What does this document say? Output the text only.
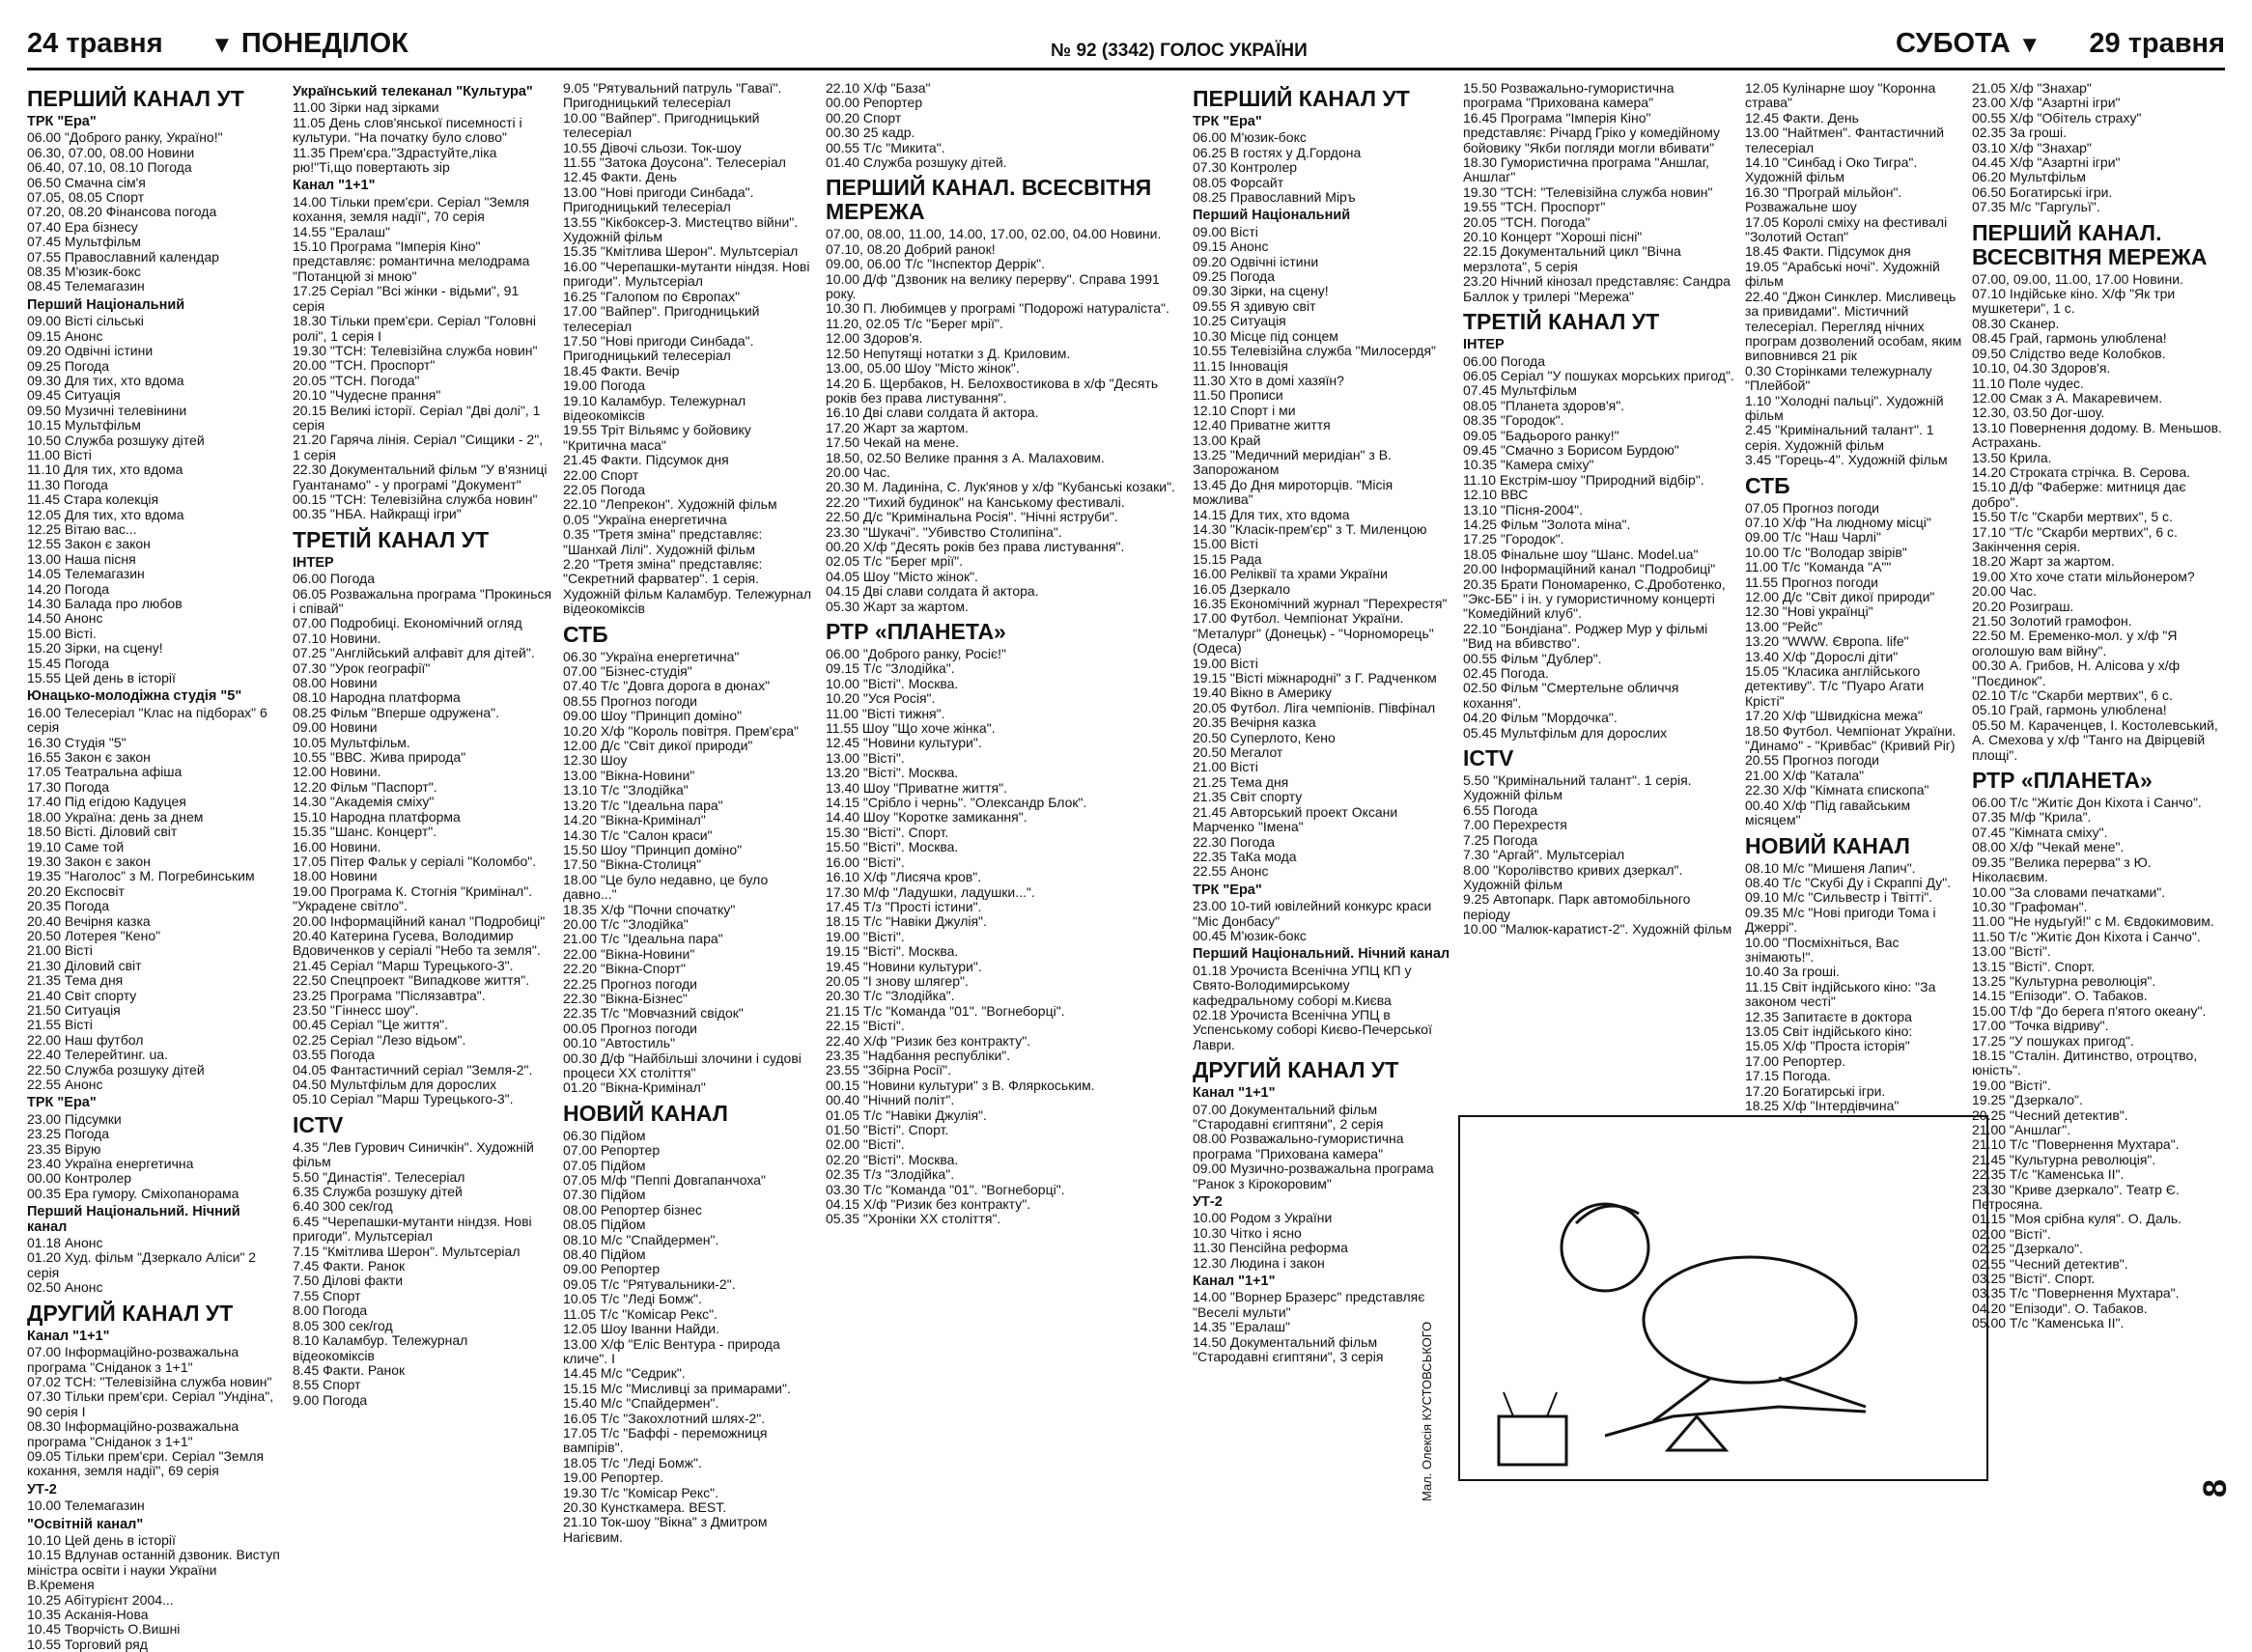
24 травня ▼ ПОНЕДІЛОК	№ 92 (3342) ГОЛОС УКРАЇНИ	СУБОТА ▼ 29 травня
ПЕРШИЙ КАНАЛ УТ
ТРК "Ера"
06.00 "Доброго ранку, Україно!"
06.30, 07.00, 08.00 Новини
06.40, 07.10, 08.10 Погода
06.50 Смачна сім'я
07.05, 08.05 Спорт
07.20, 08.20 Фінансова погода
07.40 Ера бізнесу
07.45 Мультфільм
07.55 Православний календар
08.35 М'юзик-бокс
08.45 Телемагазин
Перший Національний
09.00 Вісті сільські
09.15 Анонс
09.20 Одвічні істини
09.25 Погода
09.30 Для тих, хто вдома
09.45 Ситуація
09.50 Музичні телевінини
10.15 Мультфільм
10.50 Служба розшуку дітей
11.00 Вісті
11.10 Для тих, хто вдома
11.30 Погода
11.45 Стара колекція
12.05 Для тих, хто вдома
12.25 Вітаю вас...
12.55 Закон є закон
13.00 Наша пісня
14.05 Телемагазин
14.20 Погода
14.30 Балада про любов
14.50 Анонс
15.00 Вісті.
15.20 Зірки, на сцену!
15.45 Погода
15.55 Цей день в історії
Юнацько-молодіжна студія "5"
16.00 Телесеріал "Клас на підборах" 6 серія
16.30 Студія "5"
16.55 Закон є закон
17.05 Театральна афіша
17.30 Погода
17.40 Під егідою Кадуцея
18.00 Україна: день за днем
18.50 Вісті. Діловий світ
19.10 Саме той
19.30 Закон є закон
19.35 "Наголос" з М. Погребинським
20.20 Експосвіт
20.35 Погода
20.40 Вечірня казка
20.50 Лотерея "Кено"
21.00 Вісті
21.30 Діловий світ
21.35 Тема дня
21.40 Світ спорту
21.50 Ситуація
21.55 Вісті
22.00 Наш футбол
22.40 Телерейтинг. ua.
22.50 Служба розшуку дітей
22.55 Анонс
ТРК "Ера"
23.00 Підсумки
23.25 Погода
23.35 Вірую
23.40 Україна енергетична
00.00 Контролер
00.35 Ера гумору. Сміхопанорама
Перший Національний. Нічний канал
01.18 Анонс
01.20 Худ. фільм "Дзеркало Аліси" 2 серія
02.50 Анонс
ДРУГИЙ КАНАЛ УТ
Канал "1+1"
07.00 Інформаційно-розважальна програма "Сніданок з 1+1"
07.02 ТСН: "Телевізійна служба новин"
07.30 Тільки прем'єри. Серіал "Ундіна", 90 серія І
08.30 Інформаційно-розважальна програма "Сніданок з 1+1"
09.05 Тільки прем'єри. Серіал "Земля кохання, земля надії", 69 серія
УТ-2
10.00 Телемагазин
"Освітній канал"
10.10 Цей день в історії
10.15 Вдлунав останній дзвоник. Виступ міністра освіти і науки України В.Кременя
10.25 Абітурієнт 2004...
10.35 Асканія-Нова
10.45 Творчість О.Вишні
10.55 Торговий ряд
Український телеканал "Культура"
11.00 Зірки над зірками
11.05 День слов'янської писемності і культури. "На початку було слово"
11.35 Прем'єра."Здрастуйте,ліка рю!"Ті,що повертають зір
Канал "1+1"
14.00 Тільки прем'єри. Серіал "Земля кохання, земля надії", 70 серія
14.55 "Ералаш"
15.10 Програма "Імперія Кіно" представляє: романтична мелодрама "Потанцюй зі мною"
17.25 Серіал "Всі жінки - відьми", 91 серія
18.30 Тільки прем'єри. Серіал "Головні ролі", 1 серія І
19.30 "ТСН: Телевізійна служба новин"
20.00 "ТСН. Проспорт"
20.05 "ТСН. Погода"
20.10 "Чудесне прання"
20.15 Великі історії. Серіал "Дві долі", 1 серія
21.20 Гаряча лінія. Серіал "Сищики - 2", 1 серія
22.30 Документальний фільм "У в'язниці Гуантанамо" - у програмі "Документ"
00.15 "ТСН: Телевізійна служба новин"
00.35 "НБА. Найкращі ігри"
ТРЕТІЙ КАНАЛ УТ
ІНТЕР
06.00 Погода
06.05 Розважальна програма "Прокинься і співай"
07.00 Подробиці. Економічний огляд
07.10 Новини.
07.25 "Англійський алфавіт для дітей".
07.30 "Урок географії"
08.00 Новини
08.10 Народна платформа
08.25 Фільм "Вперше одружена".
09.00 Новини
10.05 Мультфільм.
10.55 "ВВС. Жива природа"
12.00 Новини.
12.20 Фільм "Паспорт".
14.30 "Академія сміху"
15.10 Народна платформа
15.35 "Шанс. Концерт".
16.00 Новини.
17.05 Пітер Фальк у серіалі "Коломбо".
18.00 Новини
19.00 Програма К. Стогнія "Кримінал". "Украдене світло".
20.00 Інформаційний канал "Подробиці"
20.40 Катерина Гусева, Володимир Вдовиченков у серіалі "Небо та земля".
21.45 Серіал "Марш Турецького-3".
22.50 Спецпроект "Випадкове життя".
23.25 Програма "Післязавтра".
23.50 "Гіннесс шоу".
00.45 Серіал "Це життя".
02.25 Серіал "Лезо відьом".
03.55 Погода
04.05 Фантастичний серіал "Земля-2".
04.50 Мультфільм для дорослих
05.10 Серіал "Марш Турецького-3".
ICTV
4.35 "Лев Гурович Синичкін". Художній фільм
5.50 "Династія". Телесеріал
6.35 Служба розшуку дітей
6.40 300 сек/год
6.45 "Черепашки-мутанти ніндзя. Нові пригоди". Мультсеріал
7.15 "Кмітлива Шерон". Мультсеріал
7.45 Факти. Ранок
7.50 Ділові факти
7.55 Спорт
8.00 Погода
8.05 300 сек/год
8.10 Каламбур. Тележурнал відеокоміксів
8.45 Факти. Ранок
8.55 Спорт
9.00 Погода
9.05 "Рятувальний патруль "Гаваї". Пригодницький телесеріал
10.00 "Вайпер". Пригодницький телесеріал
10.55 Дівочі сльози. Ток-шоу
11.55 "Затока Доусона". Телесеріал
12.45 Факти. День
13.00 "Нові пригоди Синбада". Пригодницький телесеріал
13.55 "Кікбоксер-3. Мистецтво війни". Художній фільм
15.35 "Кмітлива Шерон". Мультсеріал
16.00 "Черепашки-мутанти ніндзя. Нові пригоди". Мультсеріал
16.25 "Галопом по Європах"
17.00 "Вайпер". Пригодницький телесеріал
17.50 "Нові пригоди Синбада". Пригодницький телесеріал
18.45 Факти. Вечір
19.00 Погода
19.10 Каламбур. Тележурнал відеокоміксів
19.55 Тріт Вільямс у бойовику "Критична маса"
21.45 Факти. Підсумок дня
22.00 Спорт
22.05 Погода
22.10 "Лепрекон". Художній фільм
0.05 "Україна енергетична
0.35 "Третя зміна" представляє: "Шанхай Лілі". Художній фільм
2.20 "Третя зміна" представляє: "Секретний фарватер". 1 серія. Художній фільм Каламбур. Тележурнал відеокоміксів
СТБ
06.30 "Україна енергетична"
07.00 "Бізнес-студія"
07.40 Т/с "Довга дорога в дюнах"
08.55 Прогноз погоди
09.00 Шоу "Принцип доміно"
10.20 Х/ф "Король повітря. Прем'єра"
12.00 Д/с "Світ дикої природи"
12.30 Шоу
13.00 "Вікна-Новини"
13.10 Т/с "Злодійка"
13.20 Т/с "Ідеальна пара"
14.20 "Вікна-Кримінал"
14.30 Т/с "Салон краси"
15.50 Шоу "Принцип доміно"
17.50 "Вікна-Столиця"
18.00 "Це було недавно, це було давно..."
18.35 Х/ф "Почни спочатку"
20.00 Т/с "Злодійка"
21.00 Т/с "Ідеальна пара"
22.00 "Вікна-Новини"
22.20 "Вікна-Спорт"
22.25 Прогноз погоди
22.30 "Вікна-Бізнес"
22.35 Т/с "Мовчазний свідок"
00.05 Прогноз погоди
00.10 "Автостиль"
00.30 Д/ф "Найбільші злочини і судові процеси ХХ століття"
01.20 "Вікна-Кримінал"
НОВИЙ КАНАЛ
06.30 Підйом
07.00 Репортер
07.05 Підйом
07.05 М/ф "Пеппі Довгапанчоха"
07.30 Підйом
08.00 Репортер бізнес
08.05 Підйом
08.10 М/с "Спайдермен".
08.40 Підйом
09.00 Репортер
09.05 Т/с "Рятувальники-2".
10.05 Т/с "Леді Бомж".
11.05 Т/с "Комісар Рекс".
12.05 Шоу Іванни Найди.
13.00 Х/ф "Еліс Вентура - природа кличе". І
14.45 М/с "Седрик".
15.15 М/с "Мисливці за примарами".
15.40 М/с "Спайдермен".
16.05 Т/с "Закохлотний шлях-2".
17.05 Т/с "Баффі - переможниця вампірів".
18.05 Т/с "Леді Бомж".
19.00 Репортер.
19.30 Т/с "Комісар Рекс".
20.30 Кунсткамера. BEST.
21.10 Ток-шоу "Вікна" з Дмитром Нагієвим.
22.10 Х/ф "База"
00.00 Репортер
00.20 Спорт
00.30 25 кадр.
00.55 Т/с "Микита".
01.40 Служба розшуку дітей.
ПЕРШИЙ КАНАЛ. ВСЕСВІТНЯ МЕРЕЖА
07.00, 08.00, 11.00, 14.00, 17.00, 02.00, 04.00 Новини.
07.10, 08.20 Добрий ранок!
09.00, 06.00 Т/с "Інспектор Деррік".
10.00 Д/ф "Дзвоник на велику перерву". Справа 1991 року.
10.30 П. Любимцев у програмі "Подорожі натураліста".
11.20, 02.05 Т/с "Берег мрії".
12.00 Здоров'я.
12.50 Непутящі нотатки з Д. Криловим.
13.00, 05.00 Шоу "Місто жінок".
14.20 Б. Щербаков, Н. Белохвостикова в х/ф "Десять років без права листування".
16.10 Дві слави солдата й актора.
17.20 Жарт за жартом.
17.50 Чекай на мене.
18.50, 02.50 Велике прання з А. Малаховим.
20.00 Час.
20.30 М. Ладиніна, С. Лук'янов у х/ф "Кубанські козаки".
22.20 "Тихий будинок" на Канському фестивалі.
22.50 Д/с "Кримінальна Росія". "Нічні яструби".
23.30 "Шукачі". "Убивство Столипіна".
00.20 Х/ф "Десять років без права листування".
02.05 Т/с "Берег мрії".
04.05 Шоу "Місто жінок".
04.15 Дві слави солдата й актора.
05.30 Жарт за жартом.
РТР «ПЛАНЕТА»
06.00 "Доброго ранку, Росіє!"
09.15 Т/с "Злодійка".
10.00 "Вісті". Москва.
10.20 "Уся Росія".
11.00 "Вісті тижня".
11.55 Шоу "Що хоче жінка".
12.45 "Новини культури".
13.00 "Вісті".
13.20 "Вісті". Москва.
13.40 Шоу "Приватне життя".
14.15 "Срібло і чернь". "Олександр Блок".
14.40 Шоу "Коротке замикання".
15.30 "Вісті". Спорт.
15.50 "Вісті". Москва.
16.00 "Вісті".
16.10 Х/ф "Лисяча кров".
17.30 М/ф "Ладушки, ладушки...".
17.45 Т/з "Прості істини".
18.15 Т/с "Навіки Джулія".
19.00 "Вісті".
19.15 "Вісті". Москва.
19.45 "Новини культури".
20.05 "І знову шлягер".
20.30 Т/с "Злодійка".
21.15 Т/с "Команда "01". "Вогнеборці".
22.15 "Вісті".
22.40 Х/ф "Ризик без контракту".
23.35 "Надбання республіки".
23.55 "Збірна Росії".
00.15 "Новини культури" з В. Фляркоським.
00.40 "Нічний політ".
01.05 Т/с "Навіки Джулія".
01.50 "Вісті". Спорт.
02.00 "Вісті".
02.20 "Вісті". Москва.
02.35 Т/з "Злодійка".
03.30 Т/с "Команда "01". "Вогнеборці".
04.15 Х/ф "Ризик без контракту".
05.35 "Хроніки ХХ століття".
ПЕРШИЙ КАНАЛ УТ
ТРК "Ера"
06.00 М'юзик-бокс
06.25 В гостях у Д.Гордона
07.30 Контролер
08.05 Форсайт
08.25 Православний Міръ
Перший Національний
09.00 Вісті
09.15 Анонс
09.20 Одвічні істини
09.25 Погода
09.30 Зірки, на сцену!
09.55 Я здивую світ
10.25 Ситуація
10.30 Місце під сонцем
10.55 Телевізійна служба "Милосердя"
11.15 Інновація
11.30 Хто в домі хазяїн?
11.50 Прописи
12.10 Спорт і ми
12.40 Приватне життя
13.00 Край
13.25 "Медичний меридіан" з В. Запорожаном
13.45 До Дня мироторців. "Місія можлива"
14.15 Для тих, хто вдома
14.30 "Класік-прем'єр" з Т. Миленцою
15.00 Вісті
15.15 Рада
16.00 Реліквії та храми України
16.05 Дзеркало
16.35 Економічний журнал "Перехрестя"
17.00 Футбол. Чемпіонат України. "Металург" (Донецьк) - "Чорноморець" (Одеса)
19.00 Вісті
19.15 "Вісті міжнародні" з Г. Радченком
19.40 Вікно в Америку
20.05 Футбол. Ліга чемпіонів. Півфінал
20.35 Вечірня казка
20.50 Суперлото, Кено
20.50 Мегалот
21.00 Вісті
21.25 Тема дня
21.35 Світ спорту
21.45 Авторський проект Оксани Марченко "Імена"
22.30 Погода
22.35 ТаКа мода
22.55 Анонс
ТРК "Ера"
23.00 10-тий ювілейний конкурс краси "Міс Донбасу"
00.45 М'юзик-бокс
Перший Національний. Нічний канал
01.18 Урочиста Всенічна УПЦ КП у Свято-Володимирському кафедральному соборі м.Києва
02.18 Урочиста Всенічна УПЦ в Успенському соборі Києво-Печерської Лаври.
ДРУГИЙ КАНАЛ УТ
Канал "1+1"
07.00 Документальний фільм "Стародавні єгиптяни", 2 серія
08.00 Розважально-гумористична програма "Прихована камера"
09.00 Музично-розважальна програма "Ранок з Кірокоровим"
УТ-2
10.00 Родом з України
10.30 Чітко і ясно
11.30 Пенсійна реформа
12.30 Людина і закон
Канал "1+1"
14.00 "Ворнер Бразерс" представляє "Веселі мульти"
14.35 "Ералаш"
14.50 Документальний фільм "Стародавні єгиптяни", 3 серія
15.50 Розважально-гумористична програма "Прихована камера"
16.45 Програма "Імперія Кіно" представляє: Річард Гріко у комедійному бойовику "Якби погляди могли вбивати"
18.30 Гумористична програма "Аншлаг, Аншлаг"
19.30 "ТСН: "Телевізійна служба новин"
19.55 "ТСН. Проспорт"
20.05 "ТСН. Погода"
20.10 Концерт "Хороші пісні"
22.15 Документальний цикл "Вічна мерзлота", 5 серія
23.20 Нічний кінозал представляє: Сандра Баллок у трилері "Мережа"
ТРЕТІЙ КАНАЛ УТ
ІНТЕР
06.00 Погода
06.05 Серіал "У пошуках морських пригод".
07.45 Мультфільм
08.05 "Планета здоров'я".
08.35 "Городок".
09.05 "Бадьорого ранку!"
09.45 "Смачно з Борисом Бурдою"
10.35 "Камера сміху"
11.10 Екстрім-шоу "Природний відбір".
12.10 ВВС
13.10 "Пісня-2004".
14.25 Фільм "Золота міна".
17.25 "Городок".
18.05 Фінальне шоу "Шанс. Model.ua"
20.00 Інформаційний канал "Подробиці"
20.35 Брати Пономаренко, С.Дроботенко, "Экс-ББ" і ін. у гумористичному концерті "Комедійний клуб".
22.10 "Бондіана". Роджер Мур у фільмі "Вид на вбивство".
00.55 Фільм "Дублер".
02.45 Погода.
02.50 Фільм "Смертельне обличчя кохання".
04.20 Фільм "Мордочка".
05.45 Мультфільм для дорослих
ICTV
5.50 "Кримінальний талант". 1 серія. Художній фільм
6.55 Погода
7.00 Перехрестя
7.25 Погода
7.30 "Аргай". Мультсеріал
8.00 "Королівство кривих дзеркал". Художній фільм
9.25 Автопарк. Парк автомобільного періоду
10.00 "Малюк-каратист-2". Художній фільм
12.05 Кулінарне шоу "Коронна страва"
12.45 Факти. День
13.00 "Найтмен". Фантастичний телесеріал
14.10 "Синбад і Око Тигра". Художній фільм
16.30 "Програй мільйон". Розважальне шоу
17.05 Королі сміху на фестивалі "Золотий Остап"
18.45 Факти. Підсумок дня
19.05 "Арабські ночі". Художній фільм
22.40 "Джон Синклер. Мисливець за привидами". Містичний телесеріал. Перегляд нічних програм дозволений особам, яким виповнився 21 рік
0.30 Сторінками тележурналу "Плейбой"
1.10 "Холодні пальці". Художній фільм
2.45 "Кримінальний талант". 1 серія. Художній фільм
3.45 "Горець-4". Художній фільм
СТБ
07.05 Прогноз погоди
07.10 Х/ф "На людному місці"
09.00 Т/с "Наш Чарлі"
10.00 Т/с "Володар звірів"
11.00 Т/с "Команда "А""
11.55 Прогноз погоди
12.00 Д/с "Світ дикої природи"
12.30 "Нові українці"
13.00 "Рейс"
13.20 "WWW. Європа. life"
13.40 Х/ф "Дорослі діти"
15.05 "Класика англійського детективу". Т/с "Пуаро Агати Крісті"
17.20 Х/ф "Швидкісна межа"
18.50 Футбол. Чемпіонат України. "Динамо" - "Кривбас" (Кривий Ріг)
20.55 Прогноз погоди
21.00 Х/ф "Катала"
22.30 Х/ф "Кімната єпископа"
00.40 Х/ф "Під гавайським місяцем"
НОВИЙ КАНАЛ
08.10 М/с "Мишеня Лапич".
08.40 Т/с "Скубі Ду і Скраппі Ду".
09.10 М/с "Сильвестр і Твітті".
09.35 М/с "Нові пригоди Тома і Джеррі".
10.00 "Посміхніться, Вас знімають!".
10.40 За гроші.
11.15 Світ індійського кіно: "За законом честі"
12.35 Запитаєте в доктора
13.05 Світ індійського кіно:
15.05 Х/ф "Проста історія"
17.00 Репортер.
17.15 Погода.
17.20 Богатирські ігри.
18.25 Х/ф "Інтердівчина"
21.05 Х/ф "Знахар"
23.00 Х/ф "Азартні ігри"
00.55 Х/ф "Обітель страху"
02.35 За гроші.
03.10 Х/ф "Знахар"
04.45 Х/ф "Азартні ігри"
06.20 Мультфільм
06.50 Богатирські ігри.
07.35 М/с "Гаргульї".
ПЕРШИЙ КАНАЛ. ВСЕСВІТНЯ МЕРЕЖА
07.00, 09.00, 11.00, 17.00 Новини.
07.10 Індійське кіно. Х/ф "Як три мушкетери", 1 с.
08.30 Сканер.
08.45 Грай, гармонь улюблена!
09.50 Слідство веде Колобков.
10.10, 04.30 Здоров'я.
11.10 Поле чудес.
12.00 Смак з А. Макаревичем.
12.30, 03.50 Дог-шоу.
13.10 Повернення додому. В. Меньшов. Астрахань.
13.50 Крила.
14.20 Строката стрічка. В. Серова.
15.10 Д/ф "Фаберже: митниця дає добро".
15.50 Т/с "Скарби мертвих", 5 с.
17.10 "Т/с "Скарби мертвих", 6 с. Закінчення серія.
18.20 Жарт за жартом.
19.00 Хто хоче стати мільйонером?
20.00 Час.
20.20 Розиграш.
21.50 Золотий грамофон.
22.50 М. Еременко-мол. у х/ф "Я оголошую вам війну".
00.30 А. Грибов, Н. Алісова у х/ф "Поєдинок".
02.10 Т/с "Скарби мертвих", 6 с.
05.10 Грай, гармонь улюблена!
05.50 М. Караченцев, І. Костолевський, А. Смехова у х/ф "Танго на Двірцевій площі".
РТР «ПЛАНЕТА»
06.00 Т/с "Житіє Дон Кіхота і Санчо".
07.35 М/ф "Крила".
07.45 "Кімната сміху".
08.00 Х/ф "Чекай мене".
09.35 "Велика перерва" з Ю. Ніколаєвим.
10.00 "За словами печатками".
10.30 "Графоман".
11.00 "Не нудьгуй!" с М. Євдокимовим.
11.50 Т/с "Житіє Дон Кіхота і Санчо".
13.00 "Вісті".
13.15 "Вісті". Спорт.
13.25 "Культурна революція".
14.15 "Епізоди". О. Табаков.
15.00 Т/ф "До берега п'ятого океану".
17.00 "Точка відриву".
17.25 "У пошуках пригод".
18.15 "Сталін. Дитинство, отроцтво, юність".
19.00 "Вісті".
19.25 "Дзеркало".
20.25 "Чесний детектив".
21.00 "Аншлаг".
21.10 Т/с "Повернення Мухтара".
21.45 "Культурна революція".
22.35 Т/с "Каменська ІІ".
23.30 "Криве дзеркало". Театр Є. Петросяна.
01.15 "Моя срібна куля". О. Даль.
02.00 "Вісті".
02.25 "Дзеркало".
02.55 "Чесний детектив".
03.25 "Вісті". Спорт.
03.35 Т/с "Повернення Мухтара".
04.20 "Епізоди". О. Табаков.
05.00 Т/с "Каменська ІІ".
Мал. Олексія КУСТОВСЬКОГО	8
